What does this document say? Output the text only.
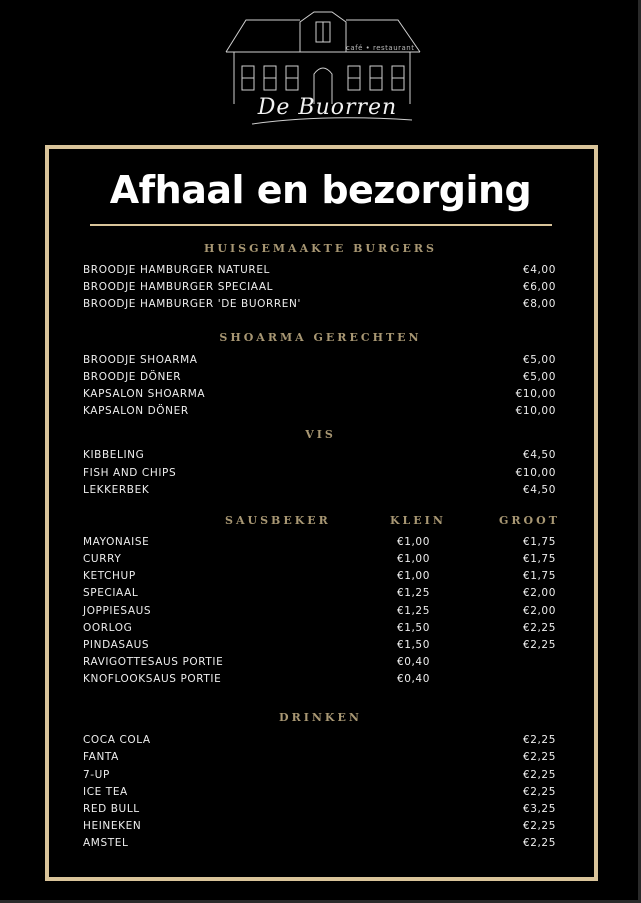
café • restaurant
De Buorren
Afhaal en bezorging
HUISGEMAAKTE BURGERS
BROODJE HAMBURGER NATUREL	€4,00
BROODJE HAMBURGER SPECIAAL	€6,00
BROODJE HAMBURGER 'DE BUORREN'	€8,00
SHOARMA GERECHTEN
BROODJE SHOARMA	€5,00
BROODJE DÖNER	€5,00
KAPSALON SHOARMA	€10,00
KAPSALON DÖNER	€10,00
VIS
KIBBELING	€4,50
FISH AND CHIPS	€10,00
LEKKERBEK	€4,50
SAUSBEKER	KLEIN	GROOT
MAYONAISE	€1,00	€1,75
CURRY	€1,00	€1,75
KETCHUP	€1,00	€1,75
SPECIAAL	€1,25	€2,00
JOPPIESAUS	€1,25	€2,00
OORLOG	€1,50	€2,25
PINDASAUS	€1,50	€2,25
RAVIGOTTESAUS PORTIE	€0,40
KNOFLOOKSAUS PORTIE	€0,40
DRINKEN
COCA COLA	€2,25
FANTA	€2,25
7-UP	€2,25
ICE TEA	€2,25
RED BULL	€3,25
HEINEKEN	€2,25
AMSTEL	€2,25
